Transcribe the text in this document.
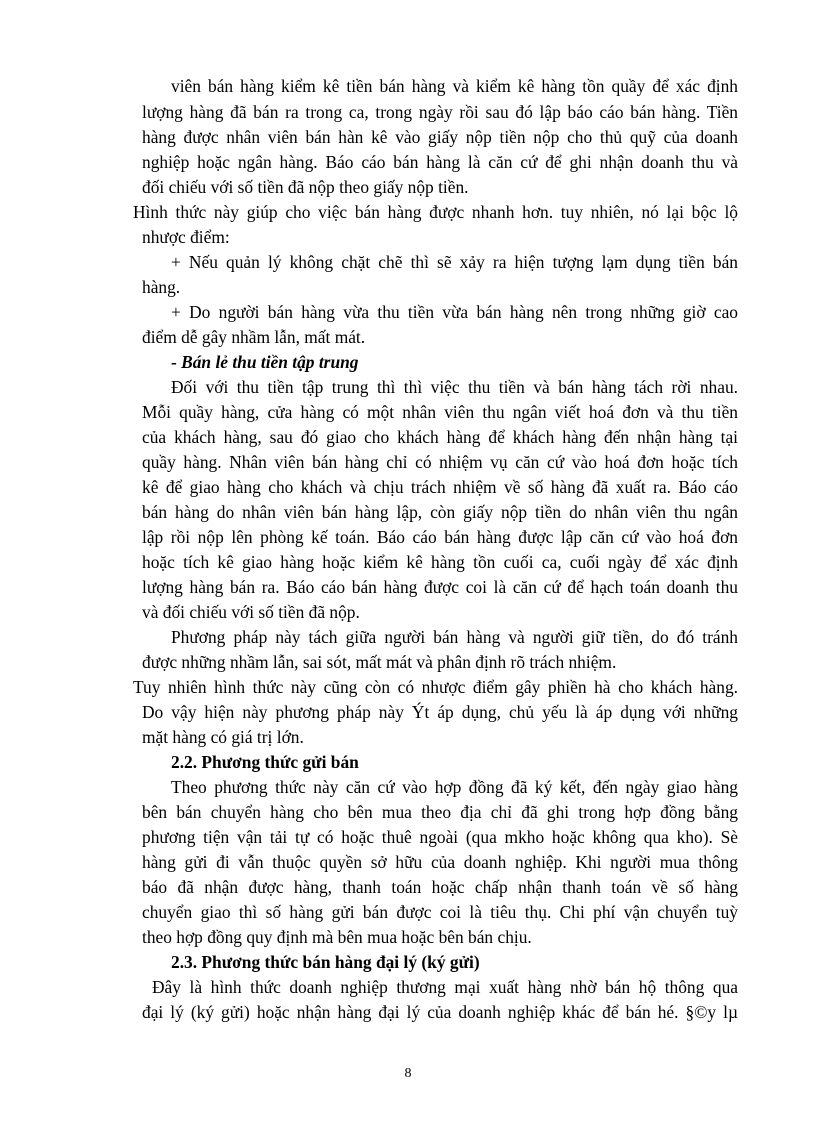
viên bán hàng kiểm kê tiền bán hàng và kiểm kê hàng tồn quầy để xác định
lượng hàng đã bán ra trong ca, trong ngày rồi sau đó lập báo cáo bán hàng. Tiền
hàng được nhân viên bán hàn kê vào giấy nộp tiền nộp cho thủ quỹ của doanh
nghiệp hoặc ngân hàng. Báo cáo bán hàng là căn cứ để ghi nhận doanh thu và
đối chiếu với số tiền đã nộp theo giấy nộp tiền.
Hình thức này giúp cho việc bán hàng được nhanh hơn. tuy nhiên, nó lại bộc lộ
nhược điểm:
+ Nếu quản lý không chặt chẽ thì sẽ xảy ra hiện tượng lạm dụng tiền bán
hàng.
+ Do người bán hàng vừa thu tiền vừa bán hàng nên trong những giờ cao
điểm dễ gây nhầm lẫn, mất mát.
- Bán lẻ thu tiền tập trung
Đối với thu tiền tập trung thì thì việc thu tiền và bán hàng tách rời nhau.
Mỗi quầy hàng, cửa hàng có một nhân viên thu ngân viết hoá đơn và thu tiền
của khách hàng, sau đó giao cho khách hàng để khách hàng đến nhận hàng tại
quầy hàng. Nhân viên bán hàng chỉ có nhiệm vụ căn cứ vào hoá đơn hoặc tích
kê để giao hàng cho khách và chịu trách nhiệm về số hàng đã xuất ra. Báo cáo
bán hàng do nhân viên bán hàng lập, còn giấy nộp tiền do nhân viên thu ngân
lập rồi nộp lên phòng kế toán. Báo cáo bán hàng được lập căn cứ vào hoá đơn
hoặc tích kê giao hàng hoặc kiểm kê hàng tồn cuối ca, cuối ngày để xác định
lượng hàng bán ra. Báo cáo bán hàng được coi là căn cứ để hạch toán doanh thu
và đối chiếu với số tiền đã nộp.
Phương pháp này tách giữa người bán hàng và người giữ tiền, do đó tránh
được những nhầm lẫn, sai sót, mất mát và phân định rõ trách nhiệm.
Tuy nhiên hình thức này cũng còn có nhược điểm gây phiền hà cho khách hàng.
Do vậy hiện này phương pháp này Ýt áp dụng, chủ yếu là áp dụng với những
mặt hàng có giá trị lớn.
2.2. Phương thức gửi bán
Theo phương thức này căn cứ vào hợp đồng đã ký kết, đến ngày giao hàng
bên bán chuyển hàng cho bên mua theo địa chỉ đã ghi trong hợp đồng bằng
phương tiện vận tải tự có hoặc thuê ngoài (qua mkho hoặc không qua kho). Sè
hàng gửi đi vẫn thuộc quyền sở hữu của doanh nghiệp. Khi người mua thông
báo đã nhận được hàng, thanh toán hoặc chấp nhận thanh toán về số hàng
chuyển giao thì số hàng gửi bán được coi là tiêu thụ. Chi phí vận chuyển tuỳ
theo hợp đồng quy định mà bên mua hoặc bên bán chịu.
2.3. Phương thức bán hàng đại lý (ký gửi)
Đây là hình thức doanh nghiệp thương mại xuất hàng nhờ bán hộ thông qua
đại lý (ký gửi) hoặc nhận hàng đại lý của doanh nghiệp khác để bán hé. §©y lµ
8
